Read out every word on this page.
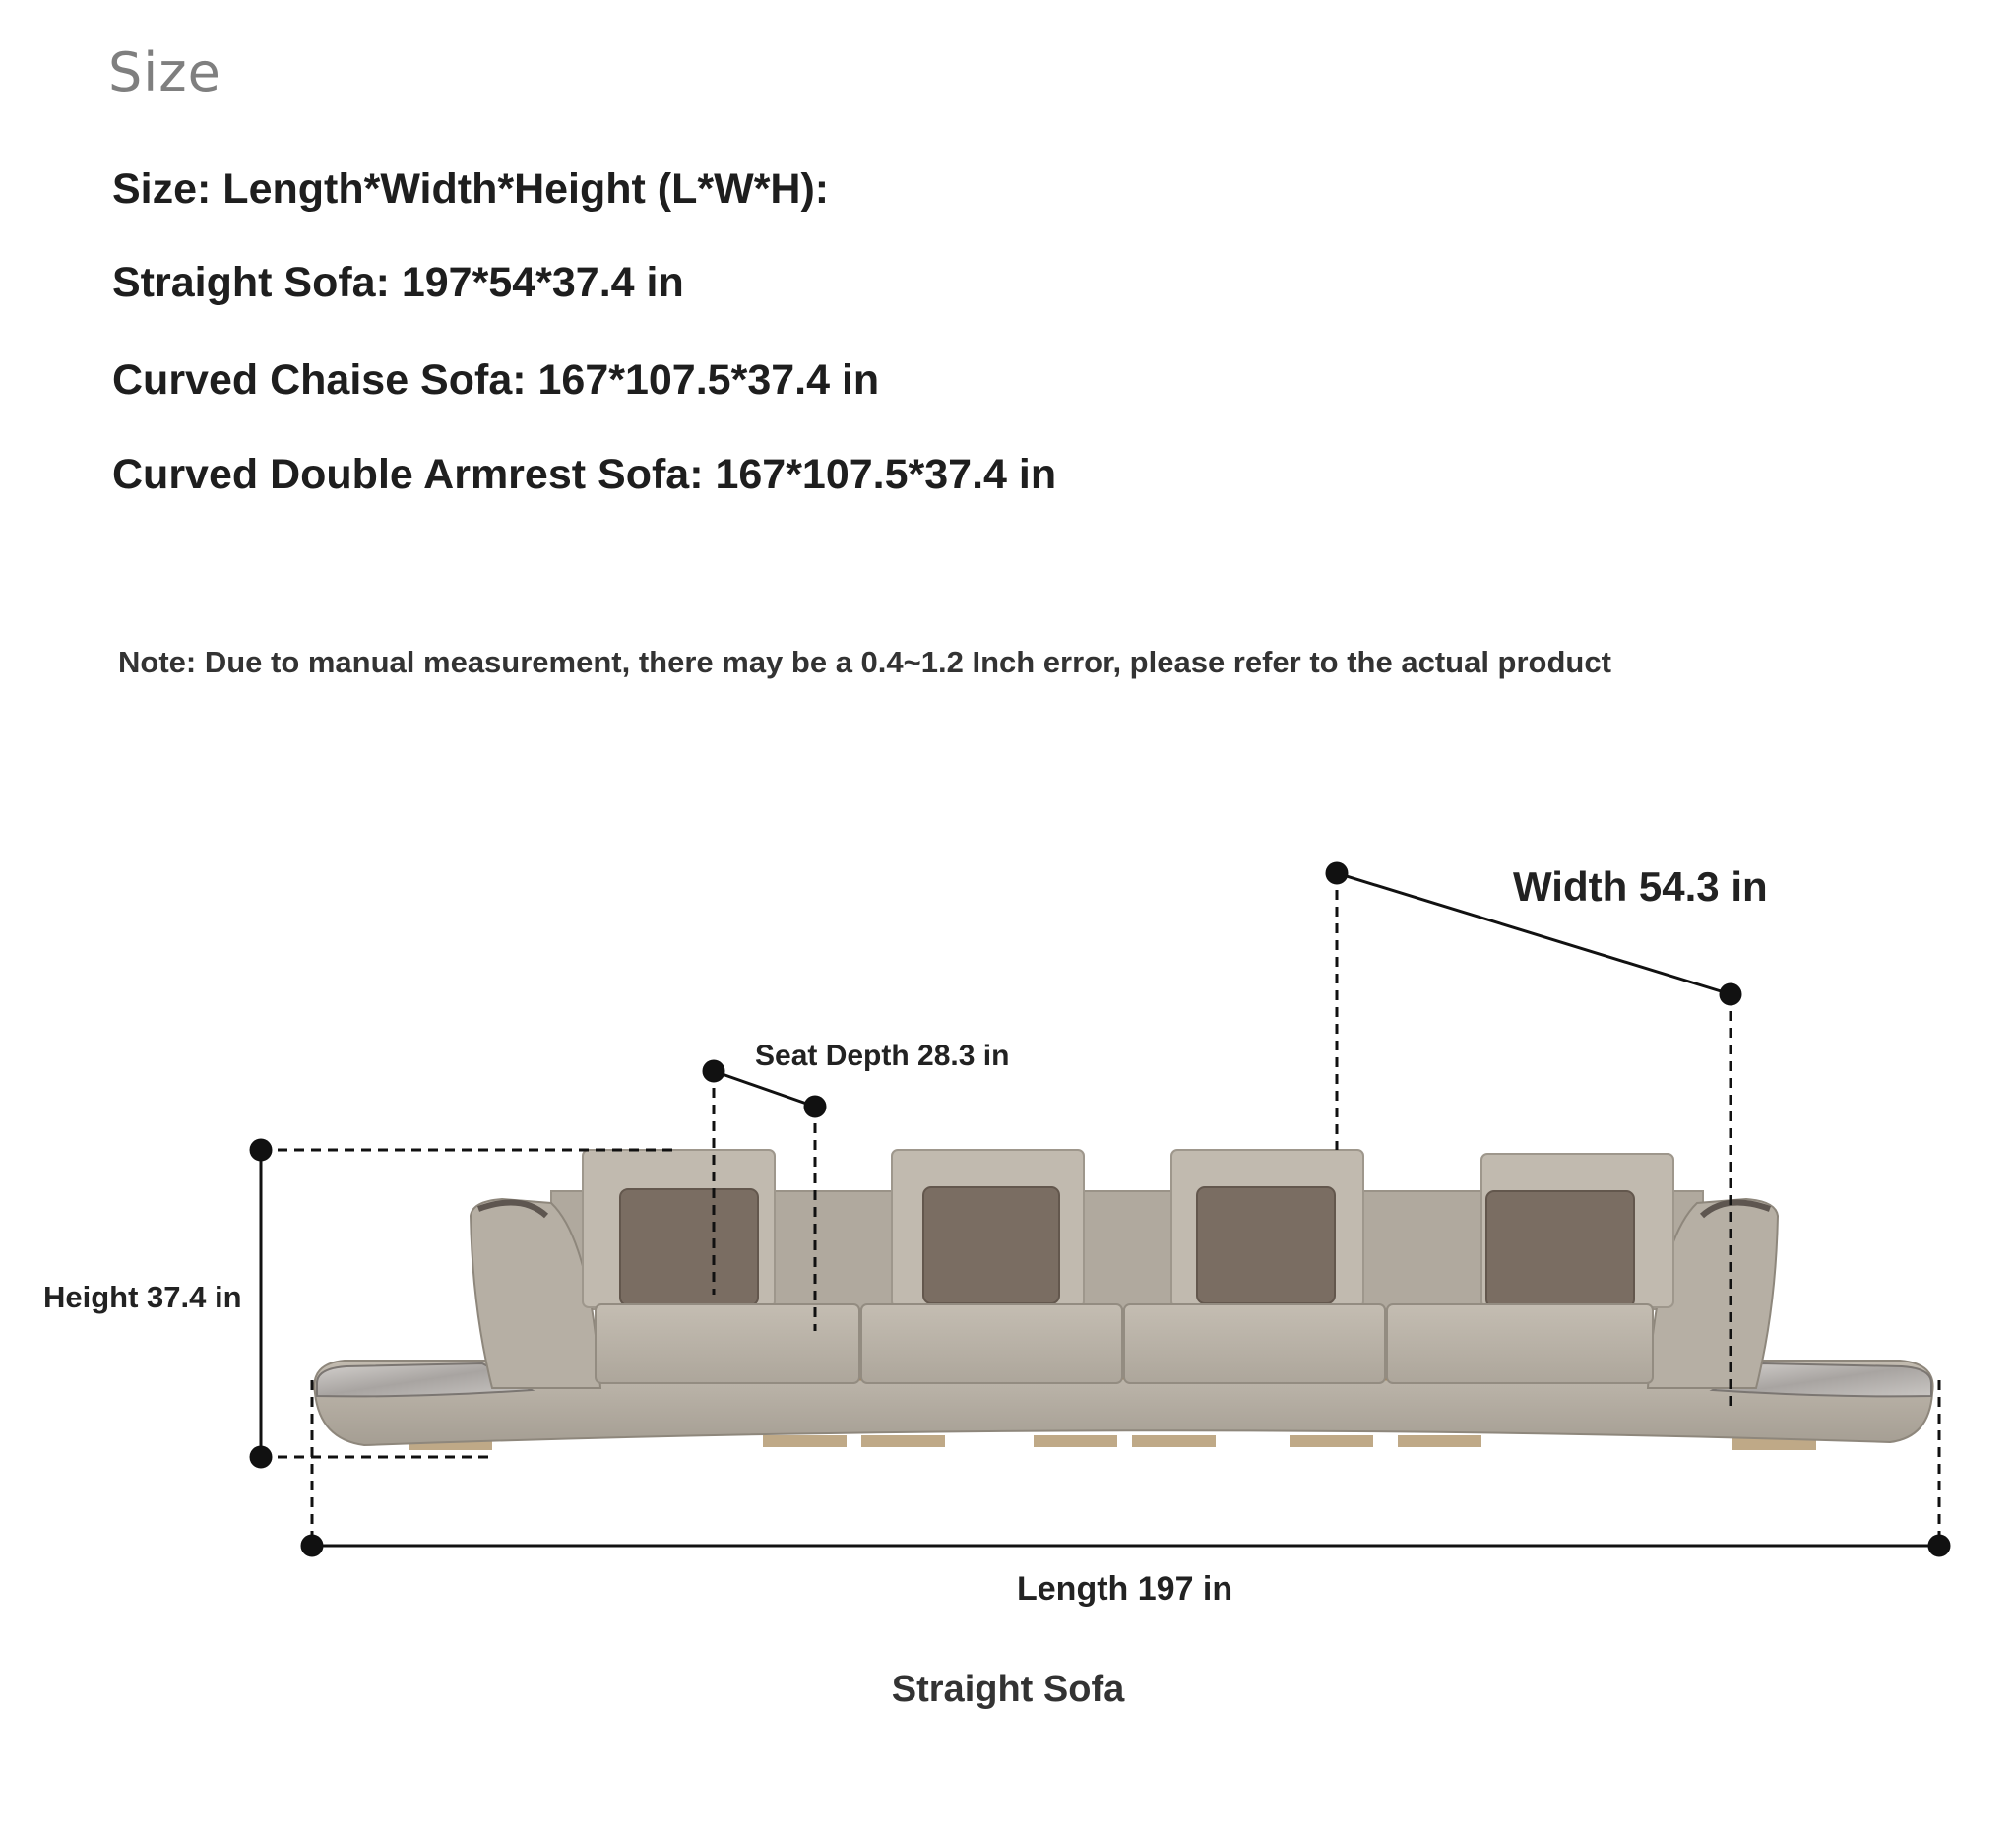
Size
Size: Length*Width*Height (L*W*H):
Straight Sofa: 197*54*37.4 in
Curved Chaise Sofa: 167*107.5*37.4 in
Curved Double Armrest Sofa: 167*107.5*37.4 in
Note: Due to manual measurement, there may be a 0.4~1.2 Inch error, please refer to the actual product
Width 54.3 in
Seat Depth 28.3 in
Height 37.4 in
Length 197 in
Straight Sofa
